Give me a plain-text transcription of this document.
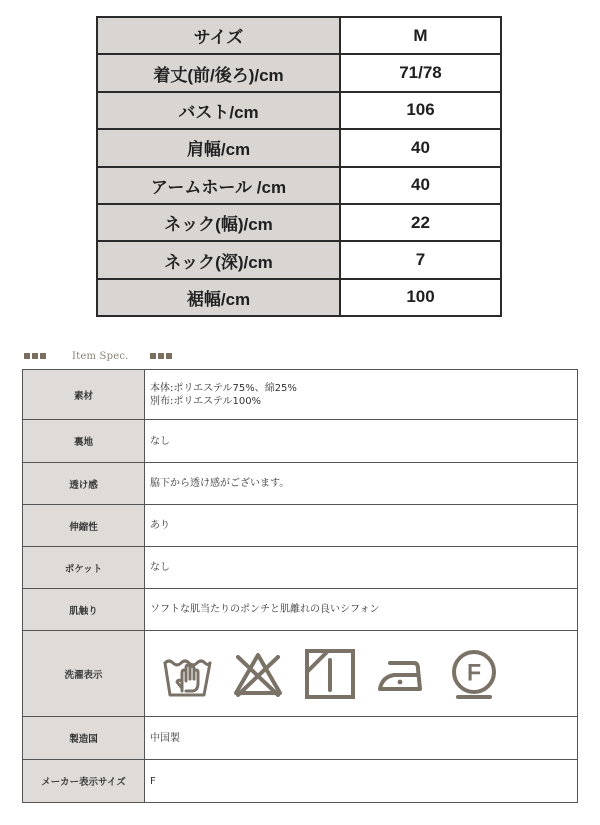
サイズ	M
着丈(前/後ろ)/cm	71/78
バスト/cm	106
肩幅/cm	40
アームホール /cm	40
ネック(幅)/cm	22
ネック(深)/cm	7
裾幅/cm	100
Item Spec.
素材	本体:ポリエステル75%、綿25%
別布:ポリエステル100%

裏地	なし
透け感	脇下から透け感がございます。
伸縮性	あり
ポケット	なし
肌触り	ソフトな肌当たりのポンチと肌離れの良いシフォン
洗濯表示	F

製造国	中国製
メーカー表示サイズ	F
